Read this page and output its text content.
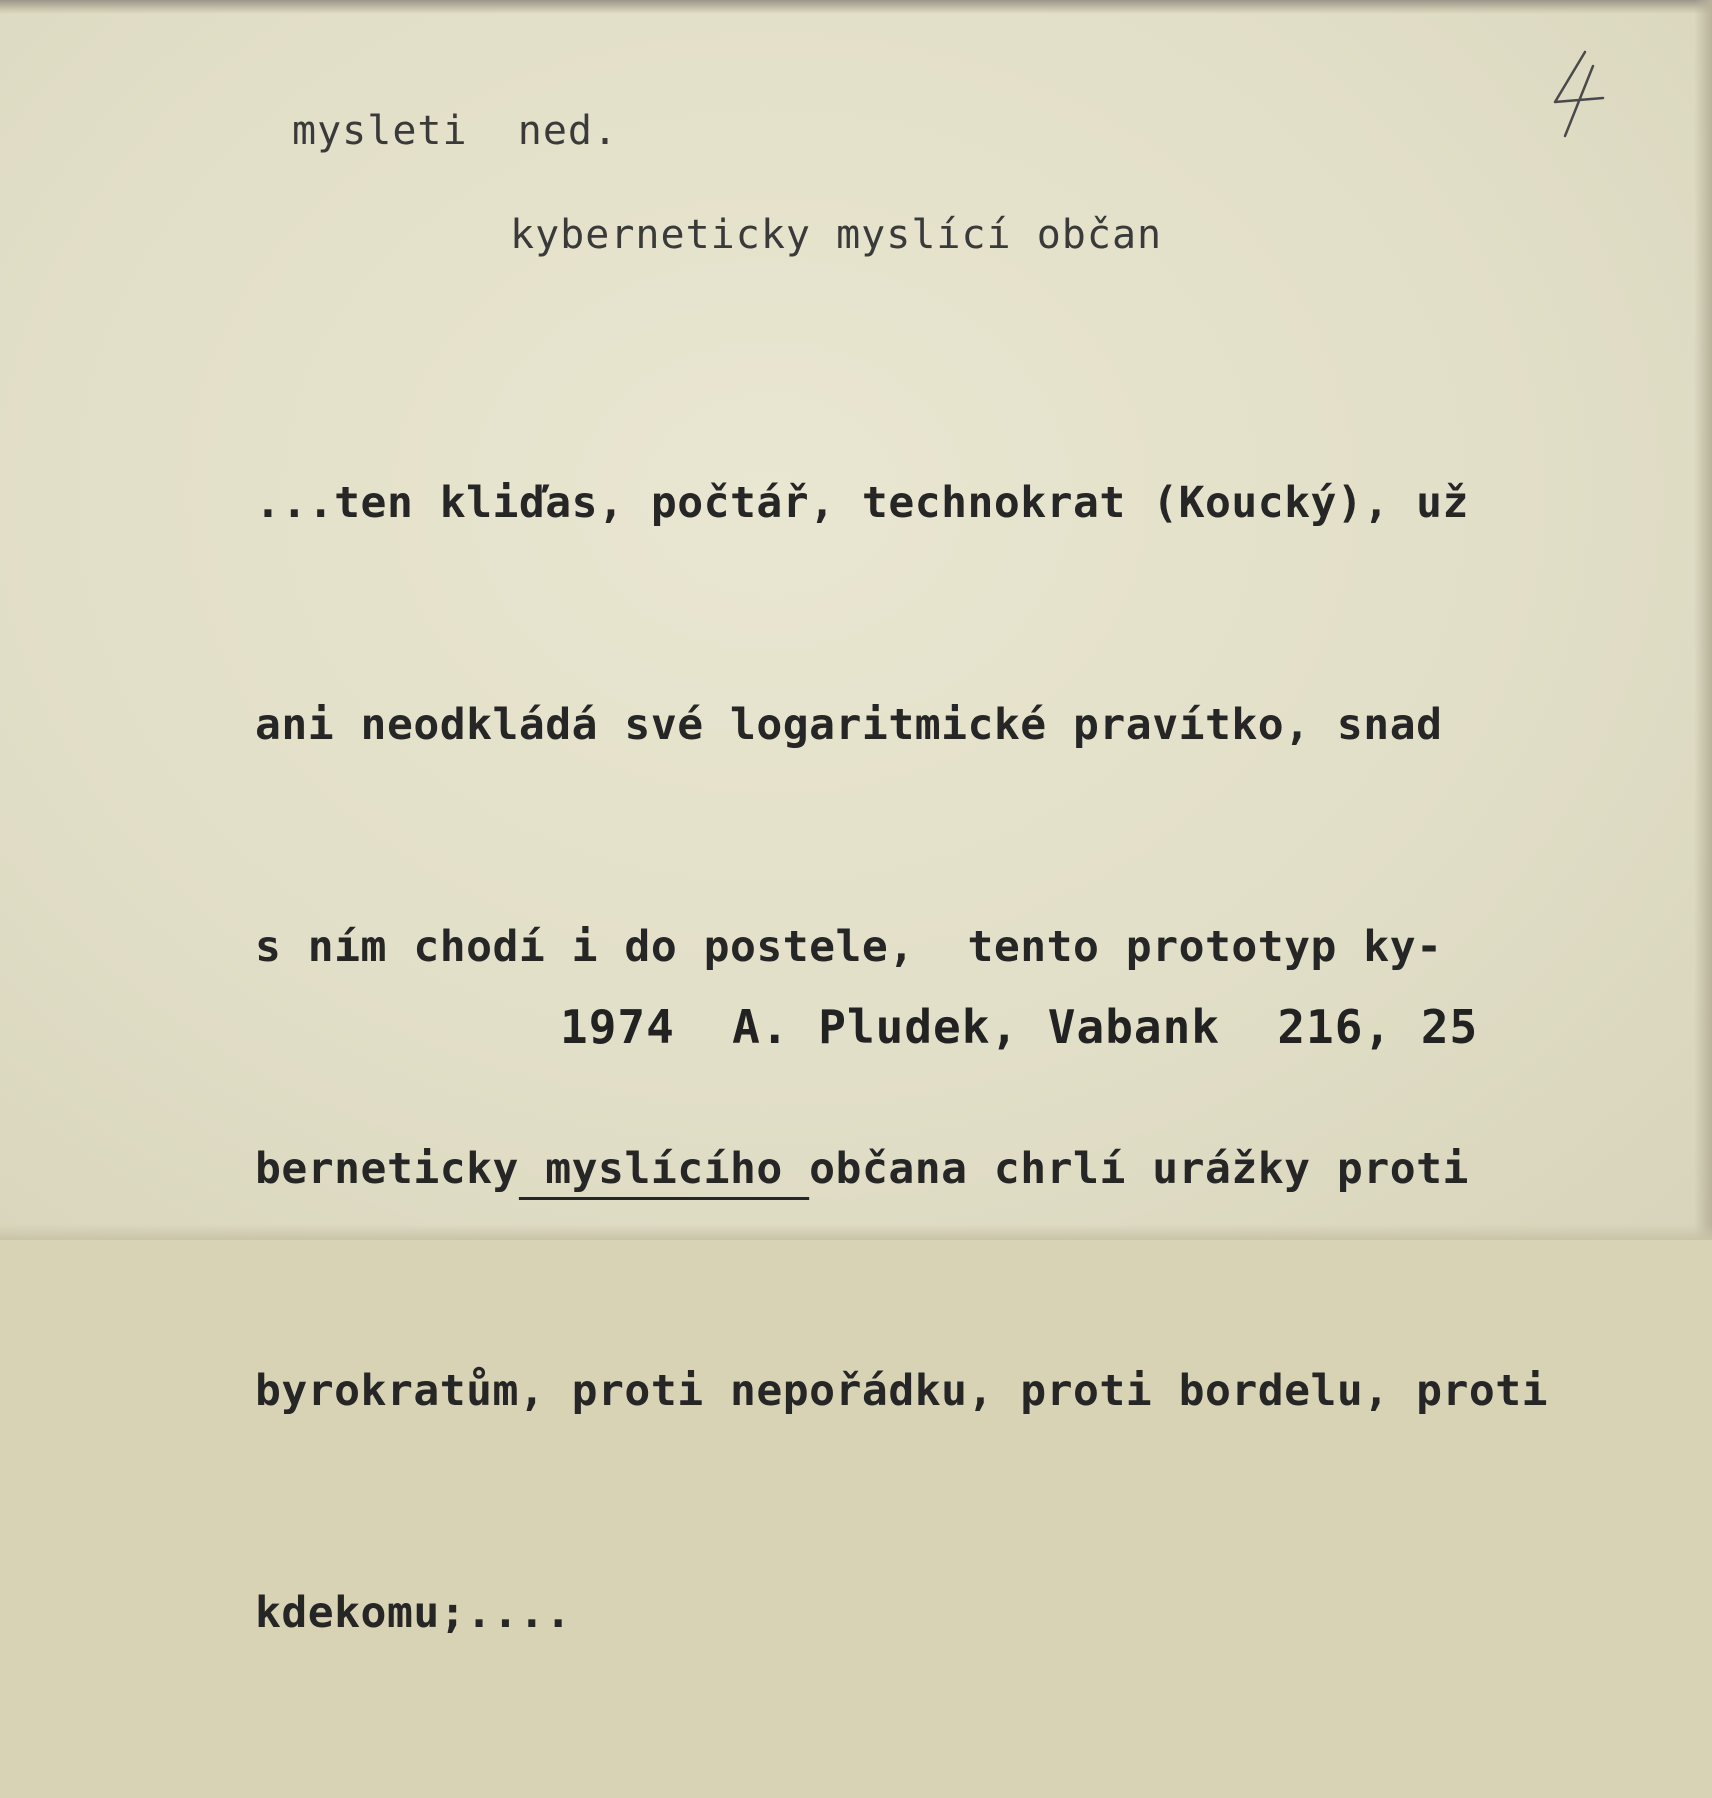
mysleti  ned.
kyberneticky myslící občan

...ten kliďas, počtář, technokrat (Koucký), už

ani neodkládá své logaritmické pravítko, snad

s ním chodí i do postele,  tento prototyp ky-

berneticky myslícího občana chrlí urážky proti

byrokratům, proti nepořádku, proti bordelu, proti

kdekomu;....

1974  A. Pludek, Vabank  216, 25
